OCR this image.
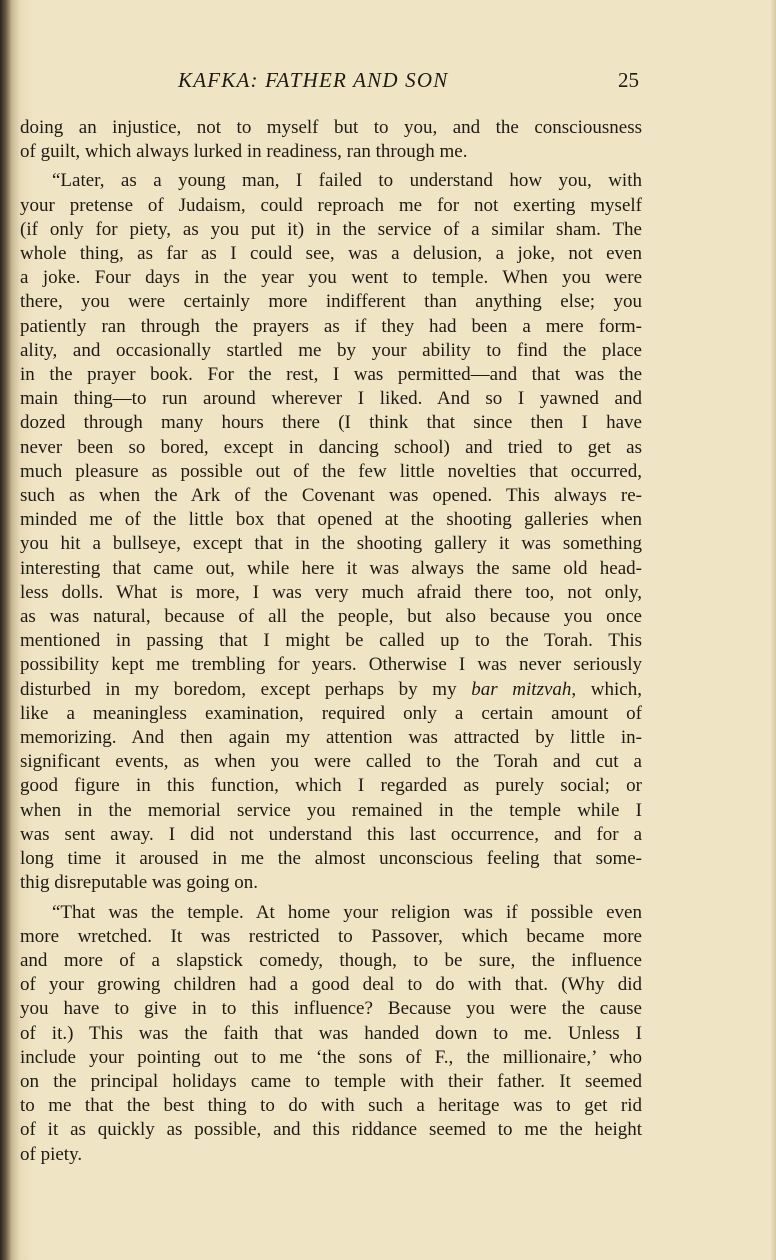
KAFKA: FATHER AND SON	25

doing an injustice, not to myself but to you, and the consciousness
of guilt, which always lurked in readiness, ran through me.

“Later, as a young man, I failed to understand how you, with
your pretense of Judaism, could reproach me for not exerting myself
(if only for piety, as you put it) in the service of a similar sham. The
whole thing, as far as I could see, was a delusion, a joke, not even
a joke. Four days in the year you went to temple. When you were
there, you were certainly more indifferent than anything else; you
patiently ran through the prayers as if they had been a mere form-
ality, and occasionally startled me by your ability to find the place
in the prayer book. For the rest, I was permitted—and that was the
main thing—to run around wherever I liked. And so I yawned and
dozed through many hours there (I think that since then I have
never been so bored, except in dancing school) and tried to get as
much pleasure as possible out of the few little novelties that occurred,
such as when the Ark of the Covenant was opened. This always re-
minded me of the little box that opened at the shooting galleries when
you hit a bullseye, except that in the shooting gallery it was something
interesting that came out, while here it was always the same old head-
less dolls. What is more, I was very much afraid there too, not only,
as was natural, because of all the people, but also because you once
mentioned in passing that I might be called up to the Torah. This
possibility kept me trembling for years. Otherwise I was never seriously
disturbed in my boredom, except perhaps by my bar mitzvah, which,
like a meaningless examination, required only a certain amount of
memorizing. And then again my attention was attracted by little in-
significant events, as when you were called to the Torah and cut a
good figure in this function, which I regarded as purely social; or
when in the memorial service you remained in the temple while I
was sent away. I did not understand this last occurrence, and for a
long time it aroused in me the almost unconscious feeling that some-
thig disreputable was going on.

“That was the temple. At home your religion was if possible even
more wretched. It was restricted to Passover, which became more
and more of a slapstick comedy, though, to be sure, the influence
of your growing children had a good deal to do with that. (Why did
you have to give in to this influence? Because you were the cause
of it.) This was the faith that was handed down to me. Unless I
include your pointing out to me ‘the sons of F., the millionaire,’ who
on the principal holidays came to temple with their father. It seemed
to me that the best thing to do with such a heritage was to get rid
of it as quickly as possible, and this riddance seemed to me the height
of piety.
